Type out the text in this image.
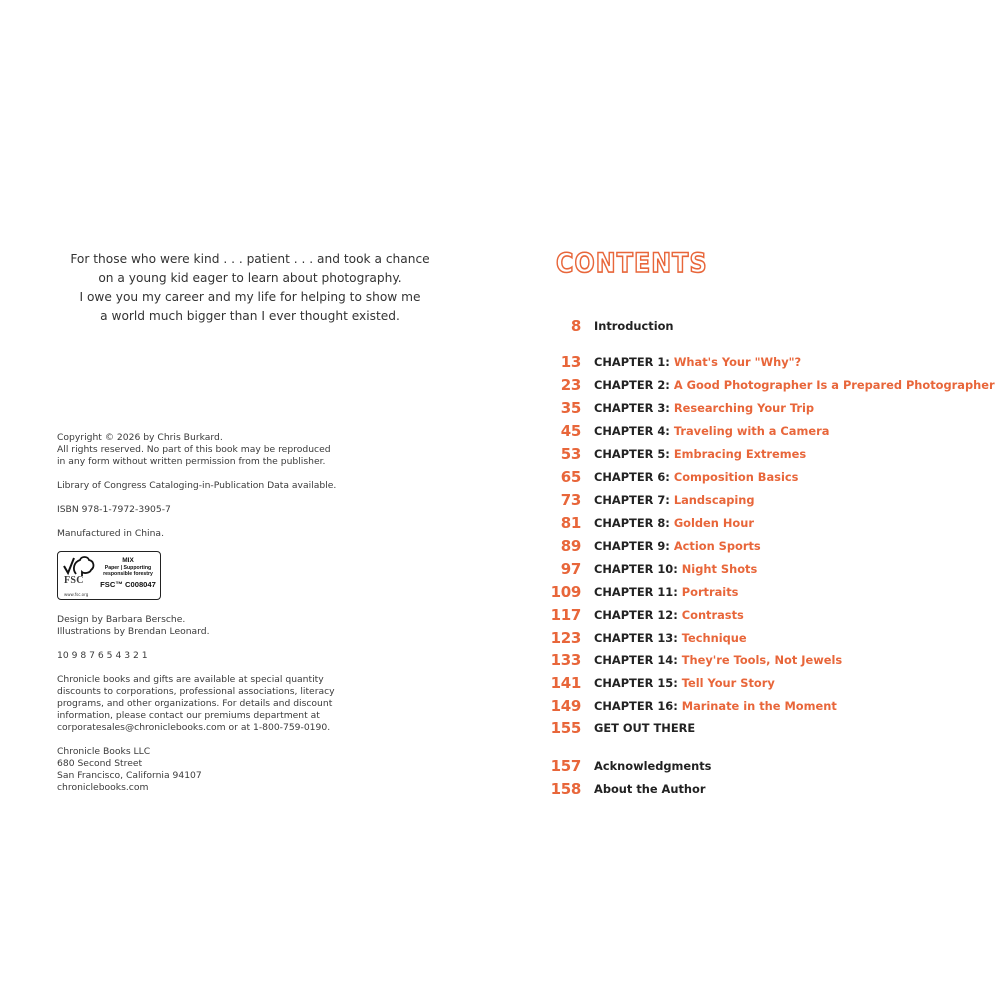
For those who were kind . . . patient . . . and took a chance
on a young kid eager to learn about photography.
I owe you my career and my life for helping to show me
a world much bigger than I ever thought existed.
Copyright © 2026 by Chris Burkard.
All rights reserved. No part of this book may be reproduced
in any form without written permission from the publisher.
Library of Congress Cataloging-in-Publication Data available.
ISBN 978-1-7972-3905-7
Manufactured in China.
FSC
www.fsc.org
MIX
Paper | Supporting
responsible forestry
FSC™ C008047
Design by Barbara Bersche.
Illustrations by Brendan Leonard.
10 9 8 7 6 5 4 3 2 1
Chronicle books and gifts are available at special quantity
discounts to corporations, professional associations, literacy
programs, and other organizations. For details and discount
information, please contact our premiums department at
corporatesales@chroniclebooks.com or at 1-800-759-0190.
Chronicle Books LLC
680 Second Street
San Francisco, California 94107
chroniclebooks.com
CONTENTS
8 Introduction
13 CHAPTER 1: What's Your "Why"?
23 CHAPTER 2: A Good Photographer Is a Prepared Photographer
35 CHAPTER 3: Researching Your Trip
45 CHAPTER 4: Traveling with a Camera
53 CHAPTER 5: Embracing Extremes
65 CHAPTER 6: Composition Basics
73 CHAPTER 7: Landscaping
81 CHAPTER 8: Golden Hour
89 CHAPTER 9: Action Sports
97 CHAPTER 10: Night Shots
109 CHAPTER 11: Portraits
117 CHAPTER 12: Contrasts
123 CHAPTER 13: Technique
133 CHAPTER 14: They're Tools, Not Jewels
141 CHAPTER 15: Tell Your Story
149 CHAPTER 16: Marinate in the Moment
155 GET OUT THERE
157 Acknowledgments
158 About the Author
